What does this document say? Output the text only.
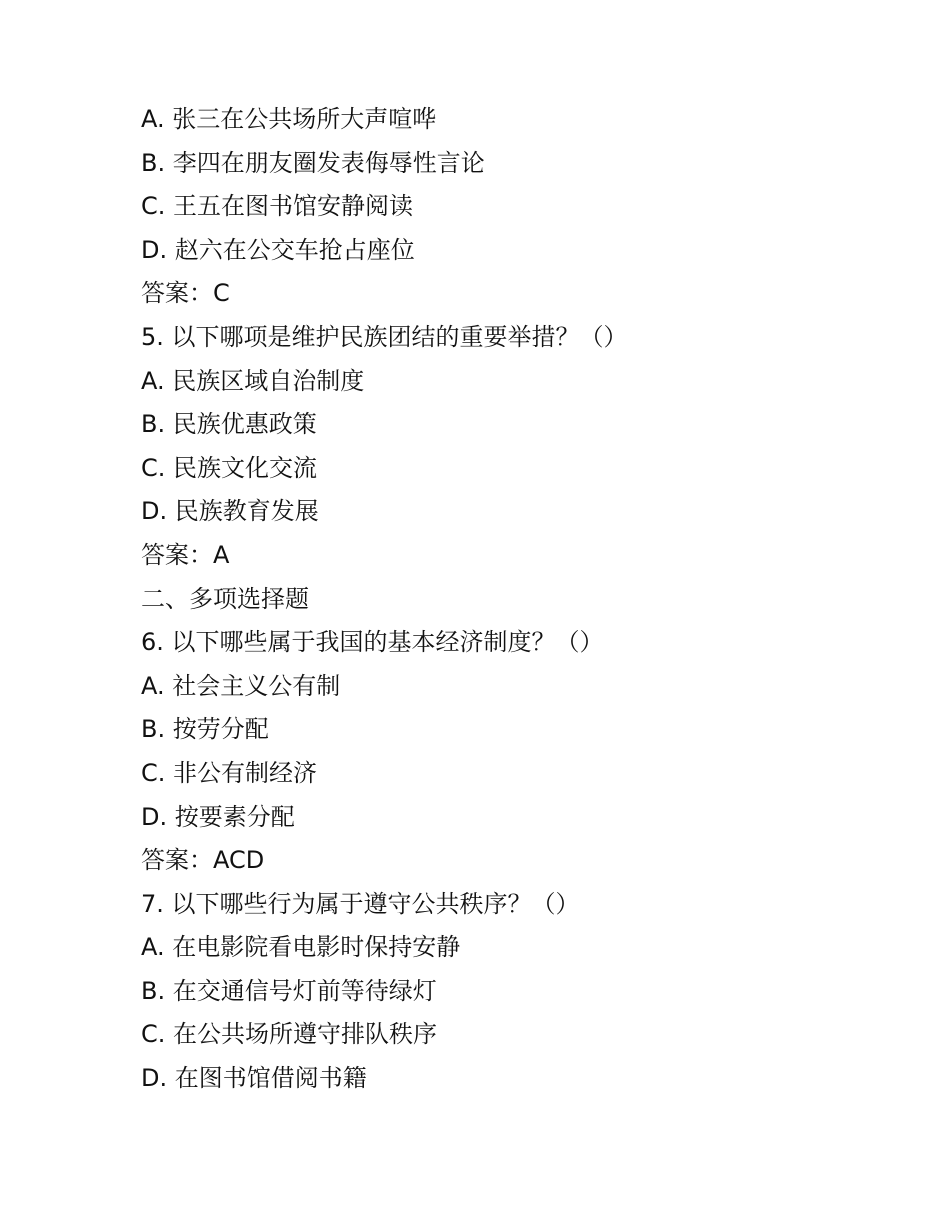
A. 张三在公共场所大声喧哗

B. 李四在朋友圈发表侮辱性言论

C. 王五在图书馆安静阅读

D. 赵六在公交车抢占座位

答案：C

5. 以下哪项是维护民族团结的重要举措？（）

A. 民族区域自治制度

B. 民族优惠政策

C. 民族文化交流

D. 民族教育发展

答案：A

二、多项选择题

6. 以下哪些属于我国的基本经济制度？（）

A. 社会主义公有制

B. 按劳分配

C. 非公有制经济

D. 按要素分配

答案：ACD

7. 以下哪些行为属于遵守公共秩序？（）

A. 在电影院看电影时保持安静

B. 在交通信号灯前等待绿灯

C. 在公共场所遵守排队秩序

D. 在图书馆借阅书籍
